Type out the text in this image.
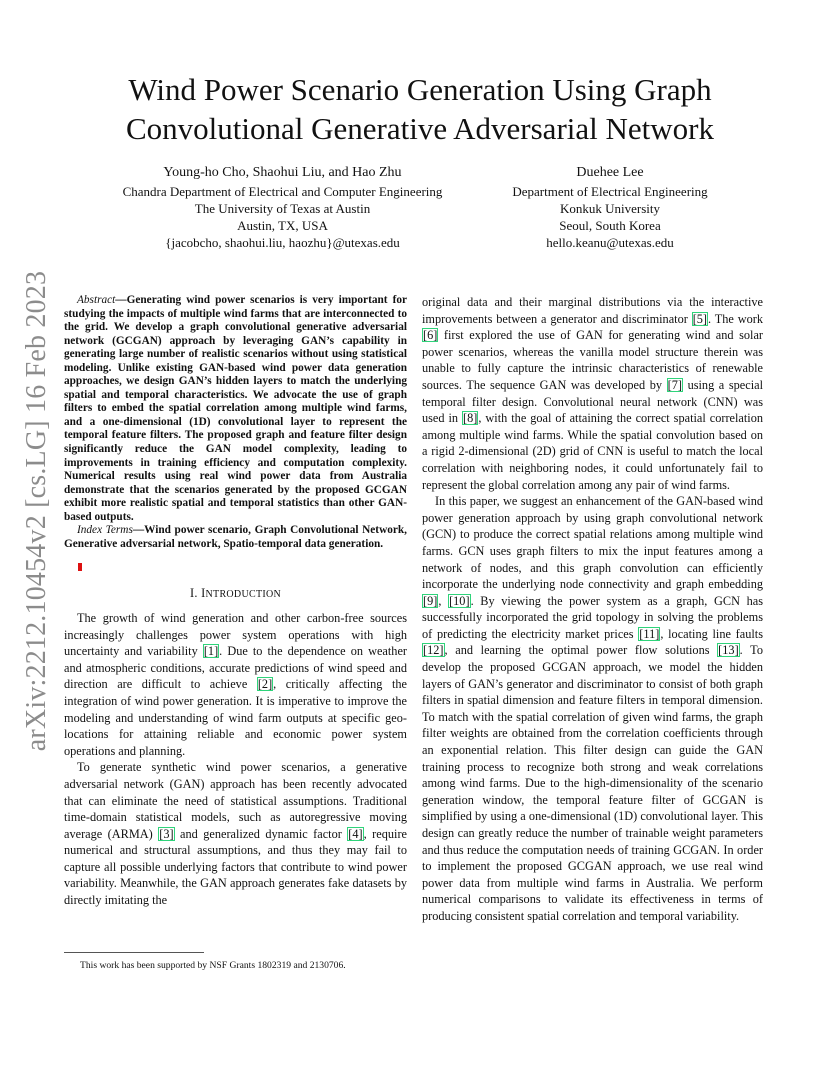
arXiv:2212.10454v2 [cs.LG] 16 Feb 2023
Wind Power Scenario Generation Using Graph
Convolutional Generative Adversarial Network
Young-ho Cho, Shaohui Liu, and Hao Zhu
Chandra Department of Electrical and Computer Engineering
The University of Texas at Austin
Austin, TX, USA
{jacobcho, shaohui.liu, haozhu}@utexas.edu
Duehee Lee
Department of Electrical Engineering
Konkuk University
Seoul, South Korea
hello.keanu@utexas.edu

Abstract—Generating wind power scenarios is very important for studying the impacts of multiple wind farms that are interconnected to the grid. We develop a graph convolutional generative adversarial network (GCGAN) approach by leveraging GAN’s capability in generating large number of realistic scenarios without using statistical modeling. Unlike existing GAN-based wind power data generation approaches, we design GAN’s hidden layers to match the underlying spatial and temporal characteristics. We advocate the use of graph filters to embed the spatial correlation among multiple wind farms, and a one-dimensional (1D) convolutional layer to represent the temporal feature filters. The proposed graph and feature filter design significantly reduce the GAN model complexity, leading to improvements in training efficiency and computation complexity. Numerical results using real wind power data from Australia demonstrate that the scenarios generated by the proposed GCGAN exhibit more realistic spatial and temporal statistics than other GAN-based outputs.

Index Terms—Wind power scenario, Graph Convolutional Network, Generative adversarial network, Spatio-temporal data generation.

I. INTRODUCTION

The growth of wind generation and other carbon-free sources increasingly challenges power system operations with high uncertainty and variability [1]. Due to the dependence on weather and atmospheric conditions, accurate predictions of wind speed and direction are difficult to achieve [2], critically affecting the integration of wind power generation. It is imperative to improve the modeling and understanding of wind farm outputs at specific geo-locations for attaining reliable and economic power system operations and planning.

To generate synthetic wind power scenarios, a generative adversarial network (GAN) approach has been recently advocated that can eliminate the need of statistical assumptions. Traditional time-domain statistical models, such as autoregressive moving average (ARMA) [3] and generalized dynamic factor [4], require numerical and structural assumptions, and thus they may fail to capture all possible underlying factors that contribute to wind power variability. Meanwhile, the GAN approach generates fake datasets by directly imitating the

original data and their marginal distributions via the interactive improvements between a generator and discriminator [5]. The work [6] first explored the use of GAN for generating wind and solar power scenarios, whereas the vanilla model structure therein was unable to fully capture the intrinsic characteristics of renewable sources. The sequence GAN was developed by [7] using a special temporal filter design. Convolutional neural network (CNN) was used in [8], with the goal of attaining the correct spatial correlation among multiple wind farms. While the spatial convolution based on a rigid 2-dimensional (2D) grid of CNN is useful to match the local correlation with neighboring nodes, it could unfortunately fail to represent the global correlation among any pair of wind farms.

In this paper, we suggest an enhancement of the GAN-based wind power generation approach by using graph convolutional network (GCN) to produce the correct spatial relations among multiple wind farms. GCN uses graph filters to mix the input features among a network of nodes, and this graph convolution can efficiently incorporate the underlying node connectivity and graph embedding [9], [10]. By viewing the power system as a graph, GCN has successfully incorporated the grid topology in solving the problems of predicting the electricity market prices [11], locating line faults [12], and learning the optimal power flow solutions [13]. To develop the proposed GCGAN approach, we model the hidden layers of GAN’s generator and discriminator to consist of both graph filters in spatial dimension and feature filters in temporal dimension. To match with the spatial correlation of given wind farms, the graph filter weights are obtained from the correlation coefficients through an exponential relation. This filter design can guide the GAN training process to recognize both strong and weak correlations among wind farms. Due to the high-dimensionality of the scenario generation window, the temporal feature filter of GCGAN is simplified by using a one-dimensional (1D) convolutional layer. This design can greatly reduce the number of trainable weight parameters and thus reduce the computation needs of training GCGAN. In order to implement the proposed GCGAN approach, we use real wind power data from multiple wind farms in Australia. We perform numerical comparisons to validate its effectiveness in terms of producing consistent spatial correlation and temporal variability.

This work has been supported by NSF Grants 1802319 and 2130706.
